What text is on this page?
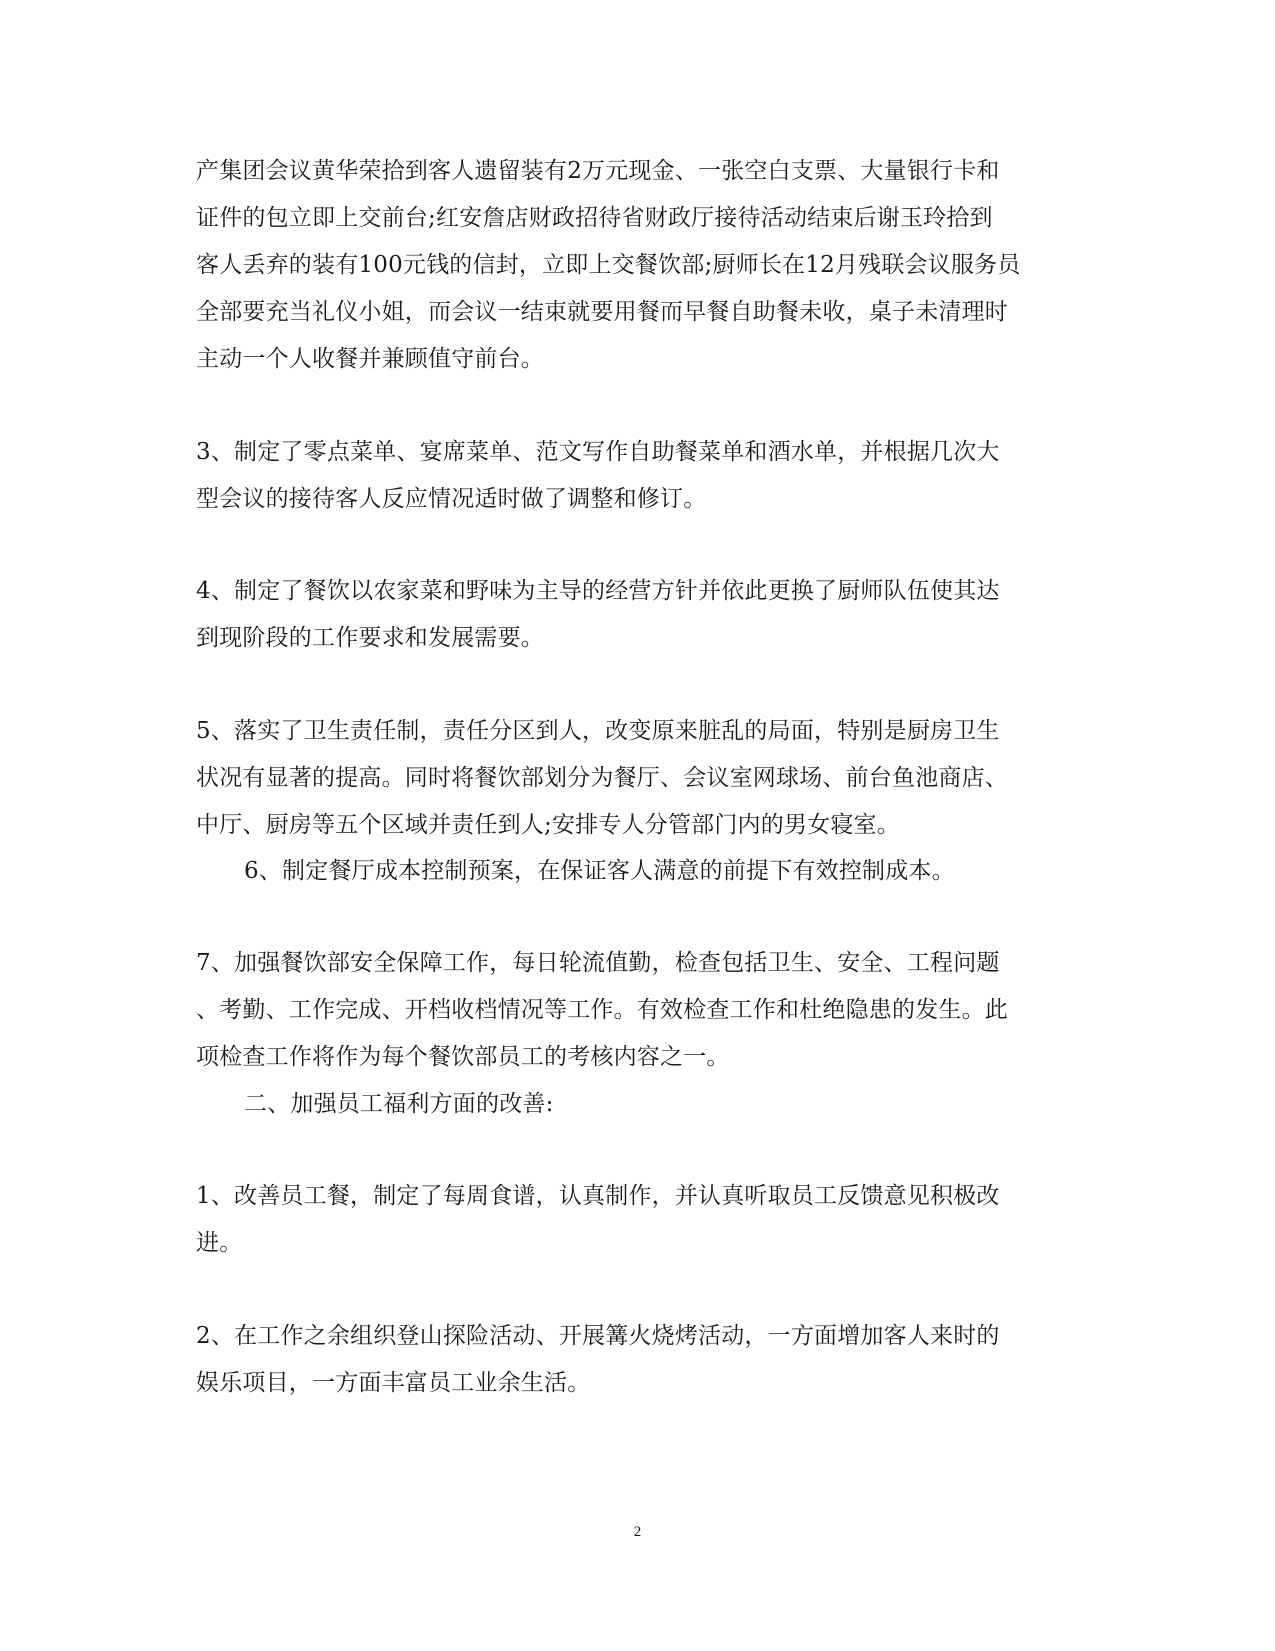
产集团会议黄华荣拾到客人遗留装有2万元现金、一张空白支票、大量银行卡和
证件的包立即上交前台;红安詹店财政招待省财政厅接待活动结束后谢玉玲拾到
客人丢弃的装有100元钱的信封，立即上交餐饮部;厨师长在12月残联会议服务员
全部要充当礼仪小姐，而会议一结束就要用餐而早餐自助餐未收，桌子未清理时
主动一个人收餐并兼顾值守前台。
3、制定了零点菜单、宴席菜单、范文写作自助餐菜单和酒水单，并根据几次大
型会议的接待客人反应情况适时做了调整和修订。
4、制定了餐饮以农家菜和野味为主导的经营方针并依此更换了厨师队伍使其达
到现阶段的工作要求和发展需要。
5、落实了卫生责任制，责任分区到人，改变原来脏乱的局面，特别是厨房卫生
状况有显著的提高。同时将餐饮部划分为餐厅、会议室网球场、前台鱼池商店、
中厅、厨房等五个区域并责任到人;安排专人分管部门内的男女寝室。
6、制定餐厅成本控制预案，在保证客人满意的前提下有效控制成本。
7、加强餐饮部安全保障工作，每日轮流值勤，检查包括卫生、安全、工程问题
、考勤、工作完成、开档收档情况等工作。有效检查工作和杜绝隐患的发生。此
项检查工作将作为每个餐饮部员工的考核内容之一。
二、加强员工福利方面的改善:
1、改善员工餐，制定了每周食谱，认真制作，并认真听取员工反馈意见积极改
进。
2、在工作之余组织登山探险活动、开展篝火烧烤活动，一方面增加客人来时的
娱乐项目，一方面丰富员工业余生活。
2
